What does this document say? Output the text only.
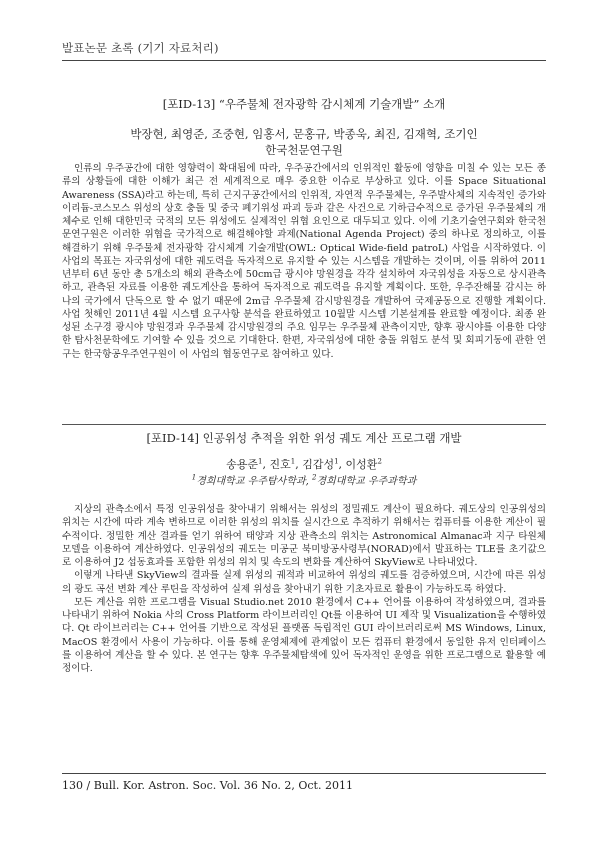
발표논문 초록 (기기 자료처리)
[포ID-13] “우주물체 전자광학 감시체계 기술개발” 소개
박장현, 최영준, 조중현, 임홍서, 문홍규, 박종욱, 최진, 김재혁, 조기인
한국천문연구원

인류의 우주공간에 대한 영향력이 확대됨에 따라, 우주공간에서의 인위적인 활동에 영향을 미칠 수 있는 모든 종류의 상황들에 대한 이해가 최근 전 세계적으로 매우 중요한 이슈로 부상하고 있다. 이를 Space Situational Awareness (SSA)라고 하는데, 특히 근지구공간에서의 인위적, 자연적 우주물체는, 우주발사체의 지속적인 증가와 이리듐-코스모스 위성의 상호 충돌 및 중국 폐기위성 파괴 등과 같은 사건으로 기하급수적으로 증가된 우주물체의 개체수로 인해 대한민국 국적의 모든 위성에도 실제적인 위협 요인으로 대두되고 있다. 이에 기초기술연구회와 한국천문연구원은 이러한 위협을 국가적으로 해결해야할 과제(National Agenda Project) 중의 하나로 정의하고, 이를 해결하기 위해 우주물체 전자광학 감시체계 기술개발(OWL: Optical Wide-field patroL) 사업을 시작하였다. 이 사업의 목표는 자국위성에 대한 궤도력을 독자적으로 유지할 수 있는 시스템을 개발하는 것이며, 이를 위하여 2011년부터 6년 동안 총 5개소의 해외 관측소에 50cm급 광시야 망원경을 각각 설치하여 자국위성을 자동으로 상시관측하고, 관측된 자료를 이용한 궤도계산을 통하여 독자적으로 궤도력을 유지할 계획이다. 또한, 우주잔해물 감시는 하나의 국가에서 단독으로 할 수 없기 때문에 2m급 우주물체 감시망원경을 개발하여 국제공동으로 진행할 계획이다. 사업 첫해인 2011년 4월 시스템 요구사항 분석을 완료하였고 10월말 시스템 기본설계를 완료할 예정이다. 최종 완성된 소구경 광시야 망원경과 우주물체 감시망원경의 주요 임무는 우주물체 관측이지만, 향후 광시야를 이용한 다양한 탐사천문학에도 기여할 수 있을 것으로 기대한다. 한편, 자국위성에 대한 충돌 위험도 분석 및 회피기동에 관한 연구는 한국항공우주연구원이 이 사업의 협동연구로 참여하고 있다.

[포ID-14] 인공위성 추적을 위한 위성 궤도 계산 프로그램 개발
송용준$^1$, 진호$^1$, 김갑성$^1$, 이성환$^2$
$^1$경희대학교 우주탐사학과, $^2$경희대학교 우주과학과

지상의 관측소에서 특정 인공위성을 찾아내기 위해서는 위성의 정밀궤도 계산이 필요하다. 궤도상의 인공위성의 위치는 시간에 따라 계속 변하므로 이러한 위성의 위치를 실시간으로 추적하기 위해서는 컴퓨터를 이용한 계산이 필수적이다. 정밀한 계산 결과를 얻기 위하여 태양과 지상 관측소의 위치는 Astronomical Almanac과 지구 타원체 모델을 이용하여 계산하였다. 인공위성의 궤도는 미공군 북미방공사령부(NORAD)에서 발표하는 TLE를 초기값으로 이용하여 J2 섭동효과를 포함한 위성의 위치 및 속도의 변화를 계산하여 SkyView로 나타내었다.

이렇게 나타낸 SkyView의 결과를 실제 위성의 궤적과 비교하여 위성의 궤도를 검증하였으며, 시간에 따른 위성의 광도 곡선 변화 계산 루틴을 작성하여 실제 위성을 찾아내기 위한 기초자료로 활용이 가능하도록 하였다.

모든 계산을 위한 프로그램을 Visual Studio.net 2010 환경에서 C++ 언어를 이용하여 작성하였으며, 결과를 나타내기 위하여 Nokia 사의 Cross Platform 라이브러리인 Qt를 이용하여 UI 제작 및 Visualization을 수행하였다. Qt 라이브러리는 C++ 언어를 기반으로 작성된 플랫폼 독립적인 GUI 라이브러리로써 MS Windows, Linux, MacOS 환경에서 사용이 가능하다. 이를 통해 운영체제에 관계없이 모든 컴퓨터 환경에서 동일한 유저 인터페이스를 이용하여 계산을 할 수 있다. 본 연구는 향후 우주물체탐색에 있어 독자적인 운영을 위한 프로그램으로 활용할 예정이다.

130 / Bull. Kor. Astron. Soc. Vol. 36 No. 2, Oct. 2011
